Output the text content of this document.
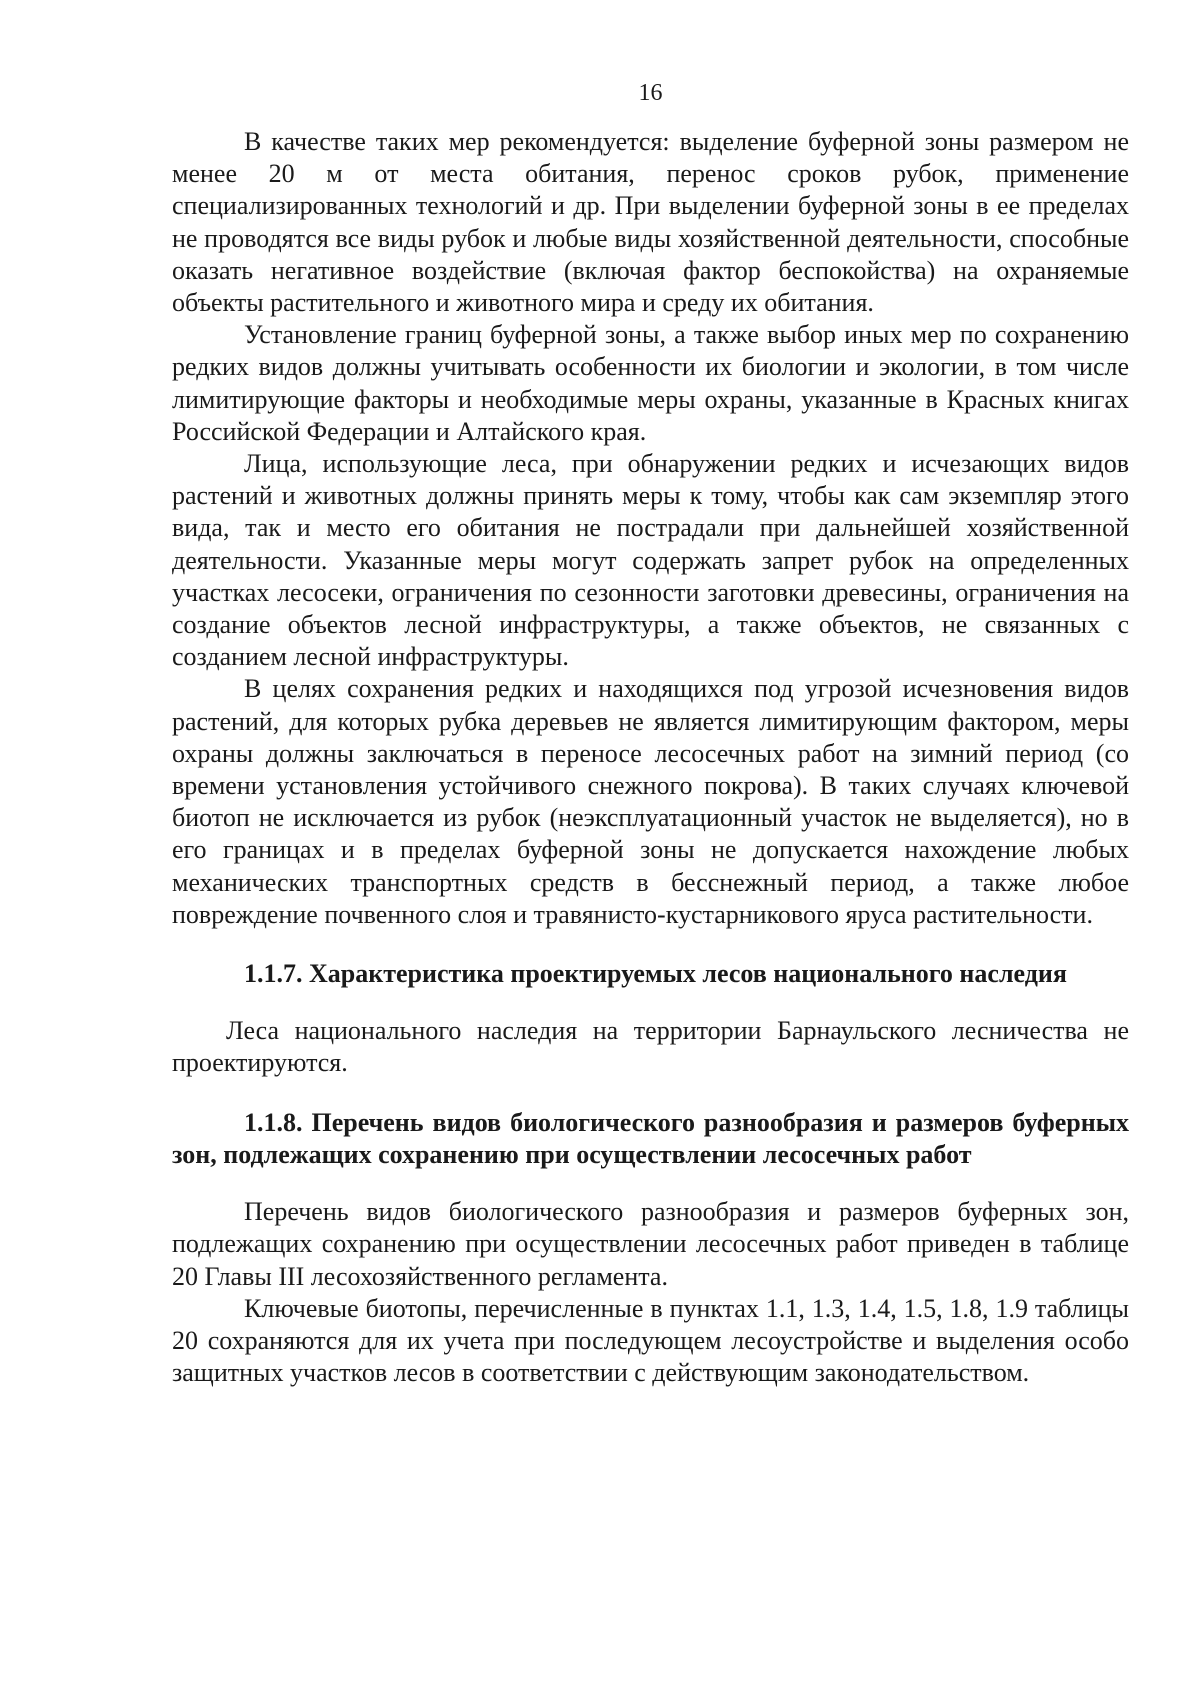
16

В качестве таких мер рекомендуется: выделение буферной зоны размером не менее 20 м от места обитания, перенос сроков рубок, применение специализированных технологий и др. При выделении буферной зоны в ее пределах не проводятся все виды рубок и любые виды хозяйственной деятельности, способные оказать негативное воздействие (включая фактор беспокойства) на охраняемые объекты растительного и животного мира и среду их обитания.

Установление границ буферной зоны, а также выбор иных мер по сохранению редких видов должны учитывать особенности их биологии и экологии, в том числе лимитирующие факторы и необходимые меры охраны, указанные в Красных книгах Российской Федерации и Алтайского края.

Лица, использующие леса, при обнаружении редких и исчезающих видов растений и животных должны принять меры к тому, чтобы как сам экземпляр этого вида, так и место его обитания не пострадали при дальнейшей хозяйственной деятельности. Указанные меры могут содержать запрет рубок на определенных участках лесосеки, ограничения по сезонности заготовки древесины, ограничения на создание объектов лесной инфраструктуры, а также объектов, не связанных с созданием лесной инфраструктуры.

В целях сохранения редких и находящихся под угрозой исчезновения видов растений, для которых рубка деревьев не является лимитирующим фактором, меры охраны должны заключаться в переносе лесосечных работ на зимний период (со времени установления устойчивого снежного покрова). В таких случаях ключевой биотоп не исключается из рубок (неэксплуатационный участок не выделяется), но в его границах и в пределах буферной зоны не допускается нахождение любых механических транспортных средств в бесснежный период, а также любое повреждение почвенного слоя и травянисто-кустарникового яруса растительности.

1.1.7. Характеристика проектируемых лесов национального наследия

Леса национального наследия на территории Барнаульского лесничества не проектируются.

1.1.8. Перечень видов биологического разнообразия и размеров буферных зон, подлежащих сохранению при осуществлении лесосечных работ

Перечень видов биологического разнообразия и размеров буферных зон, подлежащих сохранению при осуществлении лесосечных работ приведен в таблице 20 Главы III лесохозяйственного регламента.

Ключевые биотопы, перечисленные в пунктах 1.1, 1.3, 1.4, 1.5, 1.8, 1.9 таблицы 20 сохраняются для их учета при последующем лесоустройстве и выделения особо защитных участков лесов в соответствии с действующим законодательством.
